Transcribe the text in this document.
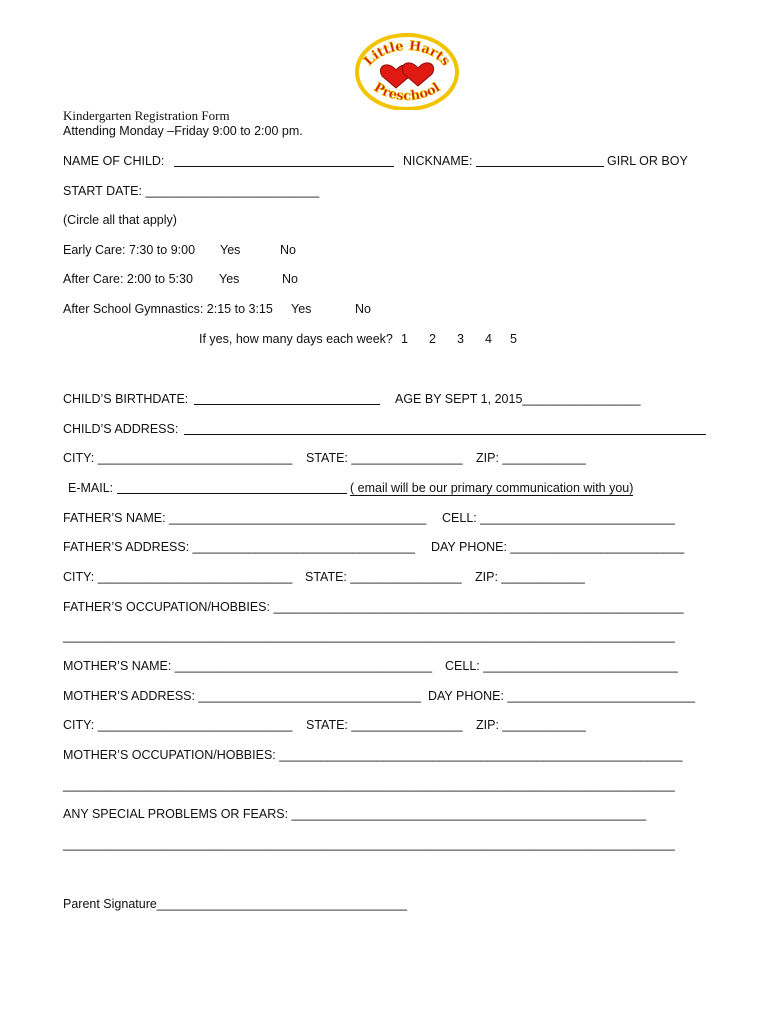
Little Harts
Preschool
Kindergarten Registration Form
Attending Monday –Friday 9:00 to 2:00 pm.
NAME OF CHILD:	NICKNAME:	GIRL OR BOY
START DATE: _________________________
(Circle all that apply)
Early Care: 7:30 to 9:00 Yes	No
After Care: 2:00 to 5:30 Yes	No
After School Gymnastics: 2:15 to 3:15 Yes	No
If yes, how many days each week? 1 2 3 4 5
CHILD’S BIRTHDATE:	AGE BY SEPT 1, 2015_________________
CHILD’S ADDRESS:
CITY: ____________________________ STATE: ________________ ZIP: ____________
E-MAIL:	( email will be our primary communication with you)
FATHER’S NAME: _____________________________________ CELL: ____________________________
FATHER’S ADDRESS: ________________________________ DAY PHONE: _________________________
CITY: ____________________________ STATE: ________________ ZIP: ____________
FATHER’S OCCUPATION/HOBBIES: ___________________________________________________________
________________________________________________________________________________________
MOTHER’S NAME: _____________________________________ CELL: ____________________________
MOTHER’S ADDRESS: ________________________________ DAY PHONE: ___________________________
CITY: ____________________________ STATE: ________________ ZIP: ____________
MOTHER’S OCCUPATION/HOBBIES: __________________________________________________________
________________________________________________________________________________________
ANY SPECIAL PROBLEMS OR FEARS: ___________________________________________________
________________________________________________________________________________________
Parent Signature____________________________________
